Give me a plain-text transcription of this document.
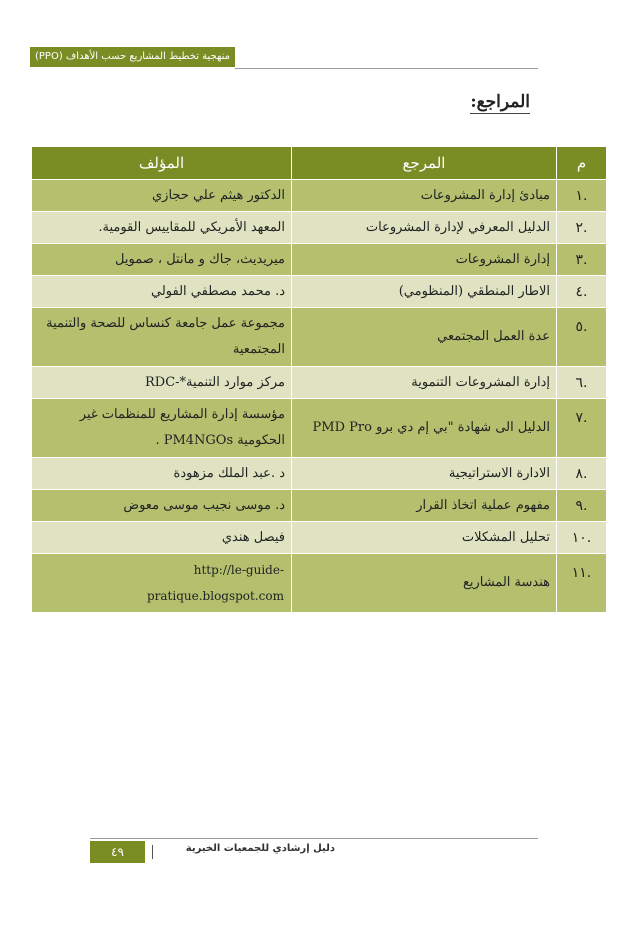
منهجية تخطيط المشاريع حسب الأهداف (PPO)
المراجع:
م	المرجع	المؤلف
.١	مبادئ إدارة المشروعات	الدكتور هيثم علي حجازي
.٢	الدليل المعرفي لإدارة المشروعات	المعهد الأمريكي للمقاييس القومية.
.٣	إدارة المشروعات	ميريديث، جاك و مانتل ، صمويل
.٤	الاطار المنطقي (المنظومي)	د. محمد مصطفي الفولي
.٥	عدة العمل المجتمعي	مجموعة عمل جامعة كنساس للصحة والتنمية المجتمعية
.٦	إدارة المشروعات التنموية	مركز موارد التنمية*-RDC
.٧	الدليل الى شهادة "بي إم دي برو PMD Pro	مؤسسة إدارة المشاريع للمنظمات غير
الحكومية PM4NGOs .

.٨	الادارة الاستراتيجية	د .عبد الملك مزهودة
.٩	مفهوم عملية اتخاذ القرار	د. موسى نجيب موسى معوض
.١٠	تحليل المشكلات	فيصل هندي
.١١	هندسة المشاريع	http://le-guide-
pratique.blogspot.com
٤٩	دليل إرشادي للجمعيات الخيرية
